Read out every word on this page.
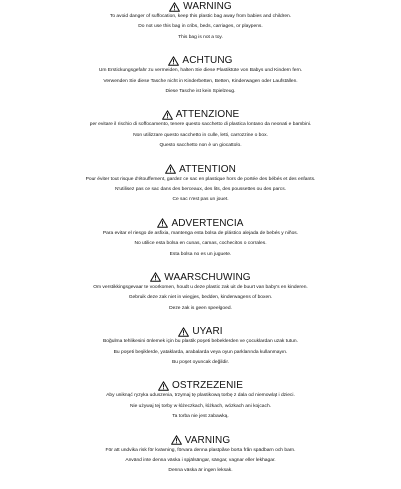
WARNING
To avoid danger of suffocation, keep this plastic bag away from babies and children.
Do not use this bag in cribs, beds, carriages, or playpens.
This bag is not a toy.
ACHTUNG
Um Erstickungsgefahr zu vermeiden, halten Sie diese Plastiktüte von Babys und Kindern fern.
Verwenden Sie diese Tasche nicht in Kinderbetten, Betten, Kinderwagen oder Laufställen.
Diese Tasche ist kein Spielzeug.
ATTENZIONE
per evitare il rischio di soffocamento, tenere questo sacchetto di plastica lontano da neonati e bambini.
Non utilizzare questo sacchetto in culle, letti, carrozzine o box.
Questo sacchetto non è un giocattolo.
ATTENTION
Pour éviter tout risque d'étouffement, gardez ce sac en plastique hors de portée des bébés et des enfants.
N'utilisez pas ce sac dans des berceaux, des lits, des poussettes ou des parcs.
Ce sac n'est pas un jouet.
ADVERTENCIA
Para evitar el riesgo de asfixia, mantenga esta bolsa de plástico alejada de bebés y niños.
No utilice esta bolsa en cunas, camas, cochecitos o corrales.
Esta bolsa no es un juguete.
WAARSCHUWING
Om verstikkingsgevaar te voorkomen, houdt u deze plastic zak uit de buurt van baby's en kinderen.
Gebruik deze zak niet in wiegjes, bedden, kinderwagens of boxen.
Deze zak is geen speelgoed.
UYARI
Boğulma tehlikesini önlemek için bu plastik poşeti bebeklerden ve çocuklardan uzak tutun.
Bu poşeti beşiklerde, yataklarda, arabalarda veya oyun parklarında kullanmayın.
Bu poşet oyuncak değildir.
OSTRZEŻENIE
Aby uniknąć ryzyka uduszenia, trzymaj tę plastikową torbę z dala od niemowląt i dzieci.
Nie używaj tej torby w łóżeczkach, łóżkach, wózkach ani kojcach.
Ta torba nie jest zabawką.
VARNING
För att undvika risk för kvävning, förvara denna plastpåse borta från spädbarn och barn.
Använd inte denna väska i spjälsängar, sängar, vagnar eller lekhagar.
Denna väska är ingen leksak.
